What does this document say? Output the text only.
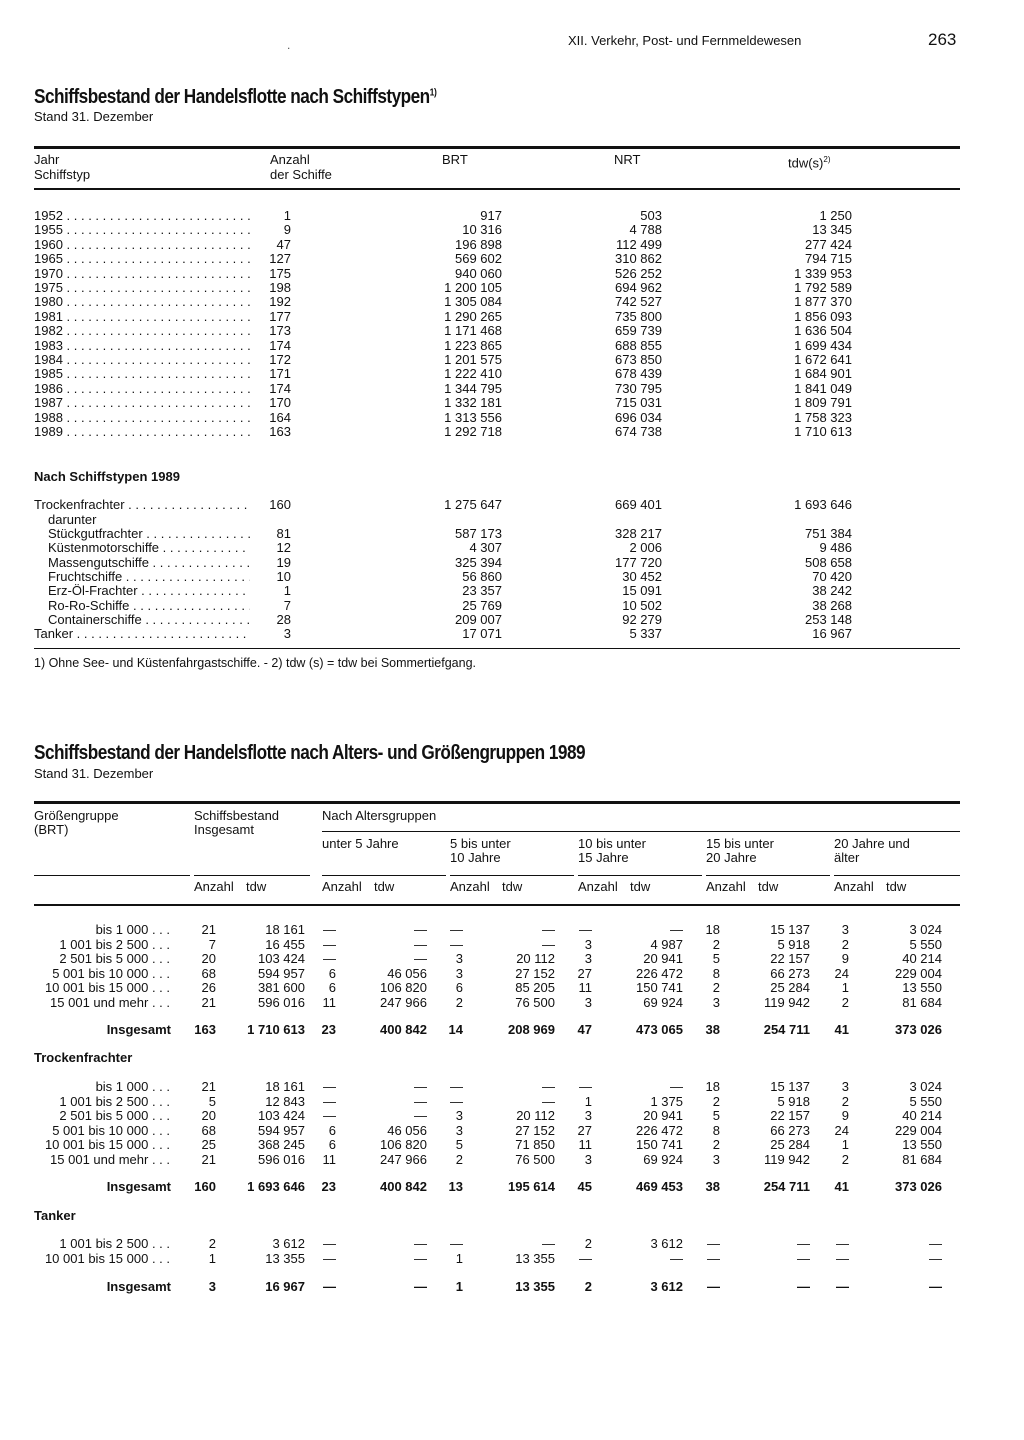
.	XII. Verkehr, Post- und Fernmeldewesen	263
Schiffsbestand der Handelsflotte nach Schiffstypen$^{1)}$
Stand 31. Dezember
Jahr
Schiffstyp
Anzahl
der Schiffe
BRT	NRT	$tdw(s)^{2)}$
1952 . . .	1	917	503	1 250
1955 . . .	9	10 316	4 788	13 345
1960 . . .	47	196 898	112 499	277 424
1965 . . .	127	569 602	310 862	794 715
1970 . . .	175	940 060	526 252	1 339 953
1975 . . .	198	1 200 105	694 962	1 792 589
1980 . . .	192	1 305 084	742 527	1 877 370
1981 . . .	177	1 290 265	735 800	1 856 093
1982 . . .	173	1 171 468	659 739	1 636 504
1983 . . .	174	1 223 865	688 855	1 699 434
1984 . . .	172	1 201 575	673 850	1 672 641
1985 . . .	171	1 222 410	678 439	1 684 901
1986 . . .	174	1 344 795	730 795	1 841 049
1987 . . .	170	1 332 181	715 031	1 809 791
1988 . . .	164	1 313 556	696 034	1 758 323
1989 . . .	163	1 292 718	674 738	1 710 613
Nach Schiffstypen 1989
Trockenfrachter . . .	160	1 275 647	669 401	1 693 646
darunter
Stückgutfrachter . . .	81	587 173	328 217	751 384
Küstenmotorschiffe . . .	12	4 307	2 006	9 486
Massengutschiffe . . .	19	325 394	177 720	508 658
Fruchtschiffe . . .	10	56 860	30 452	70 420
Erz-Öl-Frachter . . .	1	23 357	15 091	38 242
Ro-Ro-Schiffe . . .	7	25 769	10 502	38 268
Containerschiffe . . .	28	209 007	92 279	253 148
Tanker . . .	3	17 071	5 337	16 967
1) Ohne See- und Küstenfahrgastschiffe. - 2) tdw (s) = tdw bei Sommertiefgang.
Schiffsbestand der Handelsflotte nach Alters- und Größengruppen 1989
Stand 31. Dezember
Größengruppe
(BRT)
Schiffsbestand
Insgesamt
Nach Altersgruppen
unter 5 Jahre	5 bis unter
10 Jahre
10 bis unter
15 Jahre
15 bis unter
20 Jahre
20 Jahre und
älter
Anzahl tdw	Anzahl tdw	Anzahl tdw	Anzahl tdw	Anzahl tdw	Anzahl tdw
bis 1 000 . . .	21	18 161	—	—	—	—	—	—	18	15 137	3	3 024
1 001 bis 2 500 . . .	7	16 455	—	—	—	—	3	4 987	2	5 918	2	5 550
2 501 bis 5 000 . . .	20	103 424	—	—	3	20 112	3	20 941	5	22 157	9	40 214
5 001 bis 10 000 . . .	68	594 957	6	46 056	3	27 152	27	226 472	8	66 273	24	229 004
10 001 bis 15 000 . . .	26	381 600	6	106 820	6	85 205	11	150 741	2	25 284	1	13 550
15 001 und mehr . . .	21	596 016	11	247 966	2	76 500	3	69 924	3	119 942	2	81 684
Insgesamt	163	1 710 613	23	400 842	14	208 969	47	473 065	38	254 711	41	373 026
Trockenfrachter
bis 1 000 . . .	21	18 161	—	—	—	—	—	—	18	15 137	3	3 024
1 001 bis 2 500 . . .	5	12 843	—	—	—	—	1	1 375	2	5 918	2	5 550
2 501 bis 5 000 . . .	20	103 424	—	—	3	20 112	3	20 941	5	22 157	9	40 214
5 001 bis 10 000 . . .	68	594 957	6	46 056	3	27 152	27	226 472	8	66 273	24	229 004
10 001 bis 15 000 . . .	25	368 245	6	106 820	5	71 850	11	150 741	2	25 284	1	13 550
15 001 und mehr . . .	21	596 016	11	247 966	2	76 500	3	69 924	3	119 942	2	81 684
Insgesamt	160	1 693 646	23	400 842	13	195 614	45	469 453	38	254 711	41	373 026
Tanker
1 001 bis 2 500 . . .	2	3 612	—	—	—	—	2	3 612	—	—	—	—
10 001 bis 15 000 . . .	1	13 355	—	—	1	13 355	—	—	—	—	—	—
Insgesamt	3	16 967	—	—	1	13 355	2	3 612	—	—	—	—
